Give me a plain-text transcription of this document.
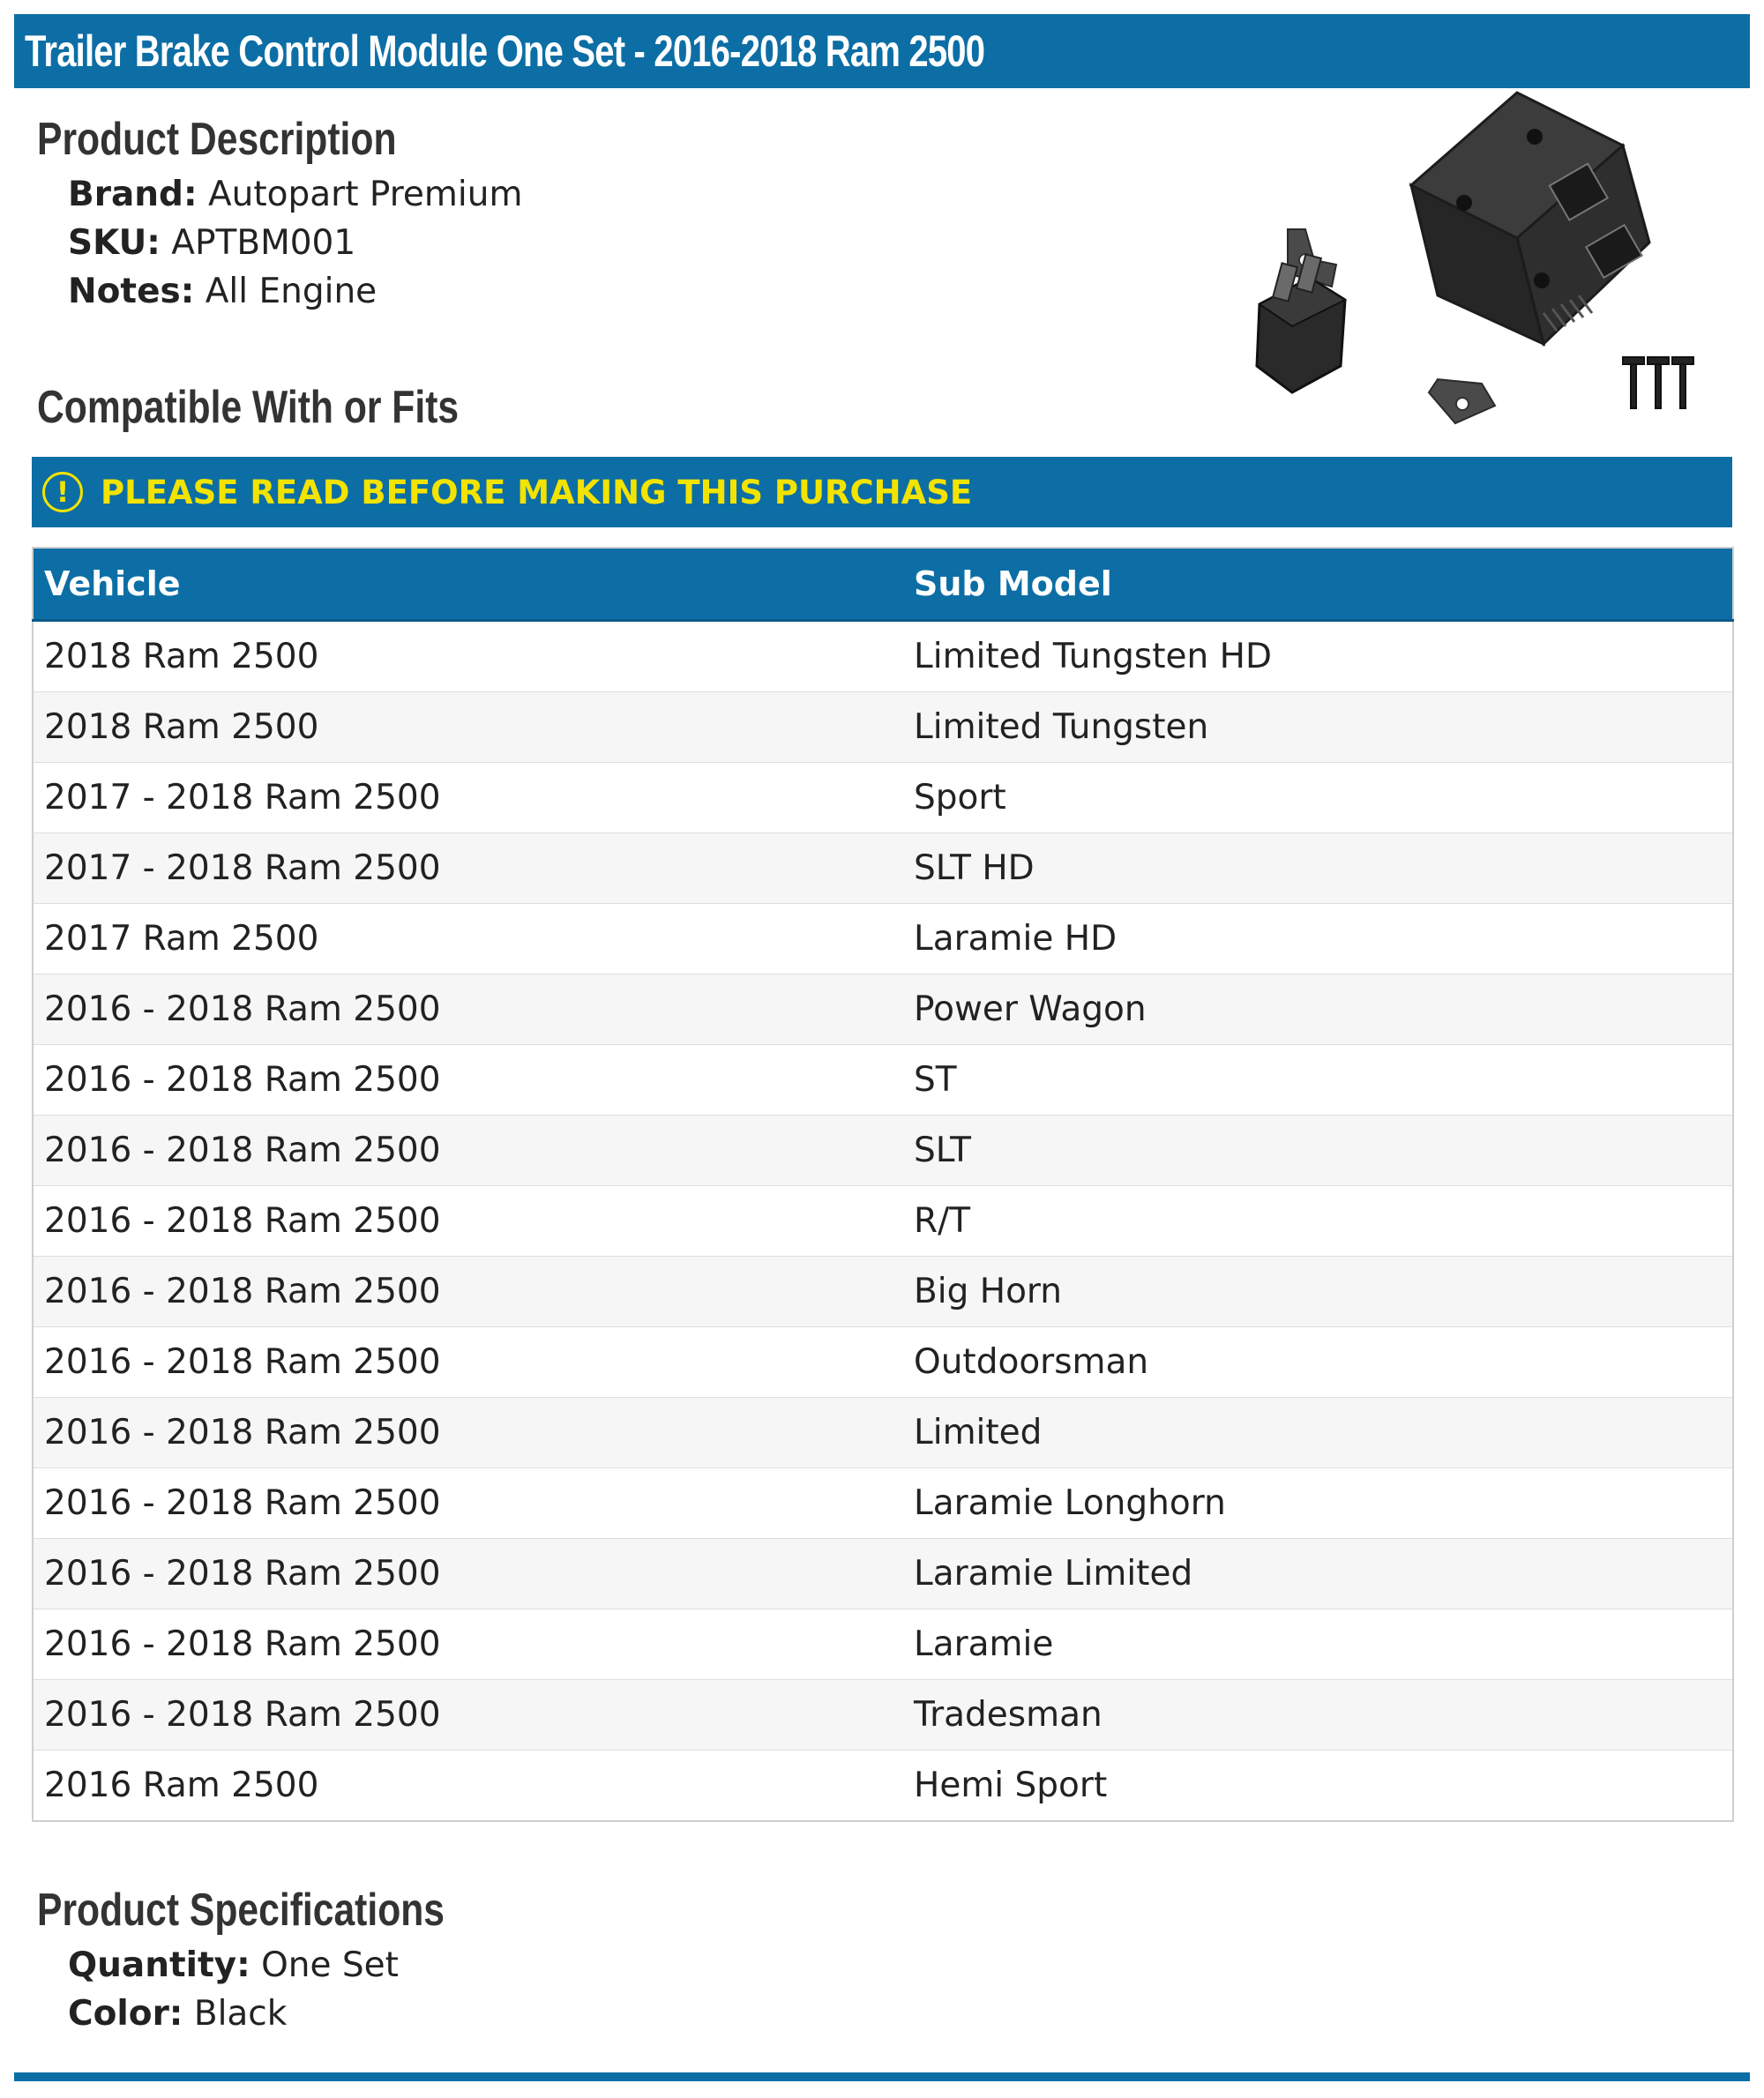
Trailer Brake Control Module One Set - 2016-2018 Ram 2500
Product Description
Brand: Autopart Premium
SKU: APTBM001
Notes: All Engine
Compatible With or Fits
! PLEASE READ BEFORE MAKING THIS PURCHASE
Vehicle	Sub Model
2018 Ram 2500	Limited Tungsten HD
2018 Ram 2500	Limited Tungsten
2017 - 2018 Ram 2500	Sport
2017 - 2018 Ram 2500	SLT HD
2017 Ram 2500	Laramie HD
2016 - 2018 Ram 2500	Power Wagon
2016 - 2018 Ram 2500	ST
2016 - 2018 Ram 2500	SLT
2016 - 2018 Ram 2500	R/T
2016 - 2018 Ram 2500	Big Horn
2016 - 2018 Ram 2500	Outdoorsman
2016 - 2018 Ram 2500	Limited
2016 - 2018 Ram 2500	Laramie Longhorn
2016 - 2018 Ram 2500	Laramie Limited
2016 - 2018 Ram 2500	Laramie
2016 - 2018 Ram 2500	Tradesman
2016 Ram 2500	Hemi Sport
Product Specifications
Quantity: One Set
Color: Black
